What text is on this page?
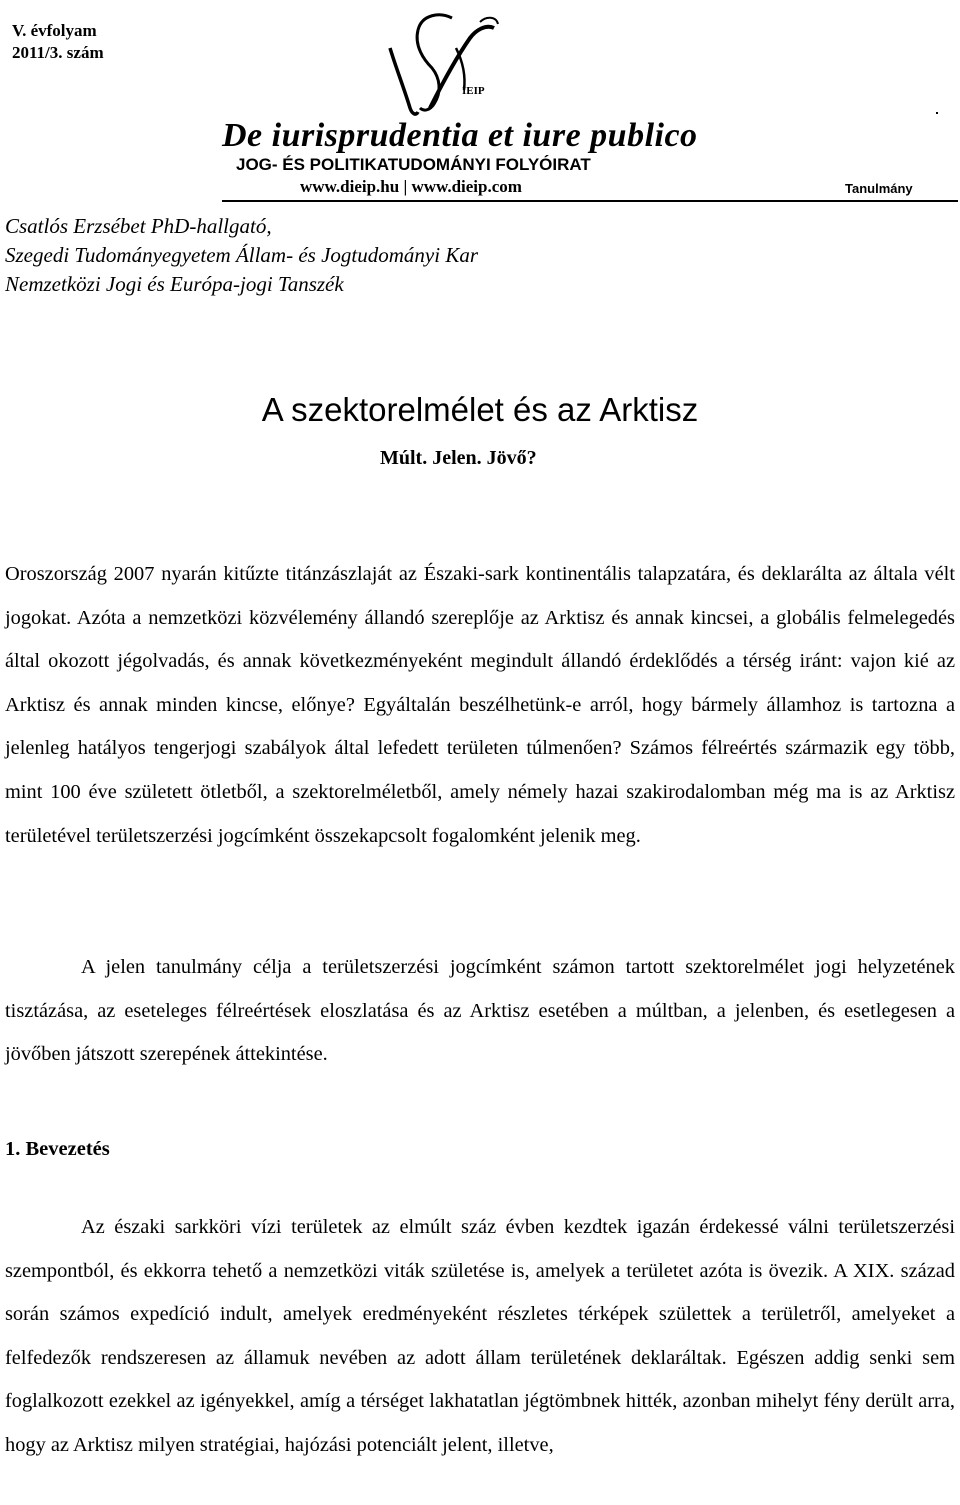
V. évfolyam
2011/3. szám
IEIP
De iurisprudentia et iure publico
JOG- ÉS POLITIKATUDOMÁNYI FOLYÓIRAT
www.dieip.hu | www.dieip.com	Tanulmány
Csatlós Erzsébet PhD-hallgató,
Szegedi Tudományegyetem Állam- és Jogtudományi Kar
Nemzetközi Jogi és Európa-jogi Tanszék
A szektorelmélet és az Arktisz
Múlt. Jelen. Jövő?
Oroszország 2007 nyarán kitűzte titánzászlaját az Északi-sark kontinentális talapzatára, és deklarálta az általa vélt jogokat. Azóta a nemzetközi közvélemény állandó szereplője az Arktisz és annak kincsei, a globális felmelegedés által okozott jégolvadás, és annak következményeként megindult állandó érdeklődés a térség iránt: vajon kié az Arktisz és annak minden kincse, előnye? Egyáltalán beszélhetünk-e arról, hogy bármely államhoz is tartozna a jelenleg hatályos tengerjogi szabályok által lefedett területen túlmenően? Számos félreértés származik egy több, mint 100 éve született ötletből, a szektorelméletből, amely némely hazai szakirodalomban még ma is az Arktisz területével területszerzési jogcímként összekapcsolt fogalomként jelenik meg.
A jelen tanulmány célja a területszerzési jogcímként számon tartott szektorelmélet jogi helyzetének tisztázása, az eseteleges félreértések eloszlatása és az Arktisz esetében a múltban, a jelenben, és esetlegesen a jövőben játszott szerepének áttekintése.
1. Bevezetés
Az északi sarkköri vízi területek az elmúlt száz évben kezdtek igazán érdekessé válni területszerzési szempontból, és ekkorra tehető a nemzetközi viták születése is, amelyek a területet azóta is övezik. A XIX. század során számos expedíció indult, amelyek eredményeként részletes térképek születtek a területről, amelyeket a felfedezők rendszeresen az államuk nevében az adott állam területének deklaráltak. Egészen addig senki sem foglalkozott ezekkel az igényekkel, amíg a térséget lakhatatlan jégtömbnek hitték, azonban mihelyt fény derült arra, hogy az Arktisz milyen stratégiai, hajózási potenciált jelent, illetve,
